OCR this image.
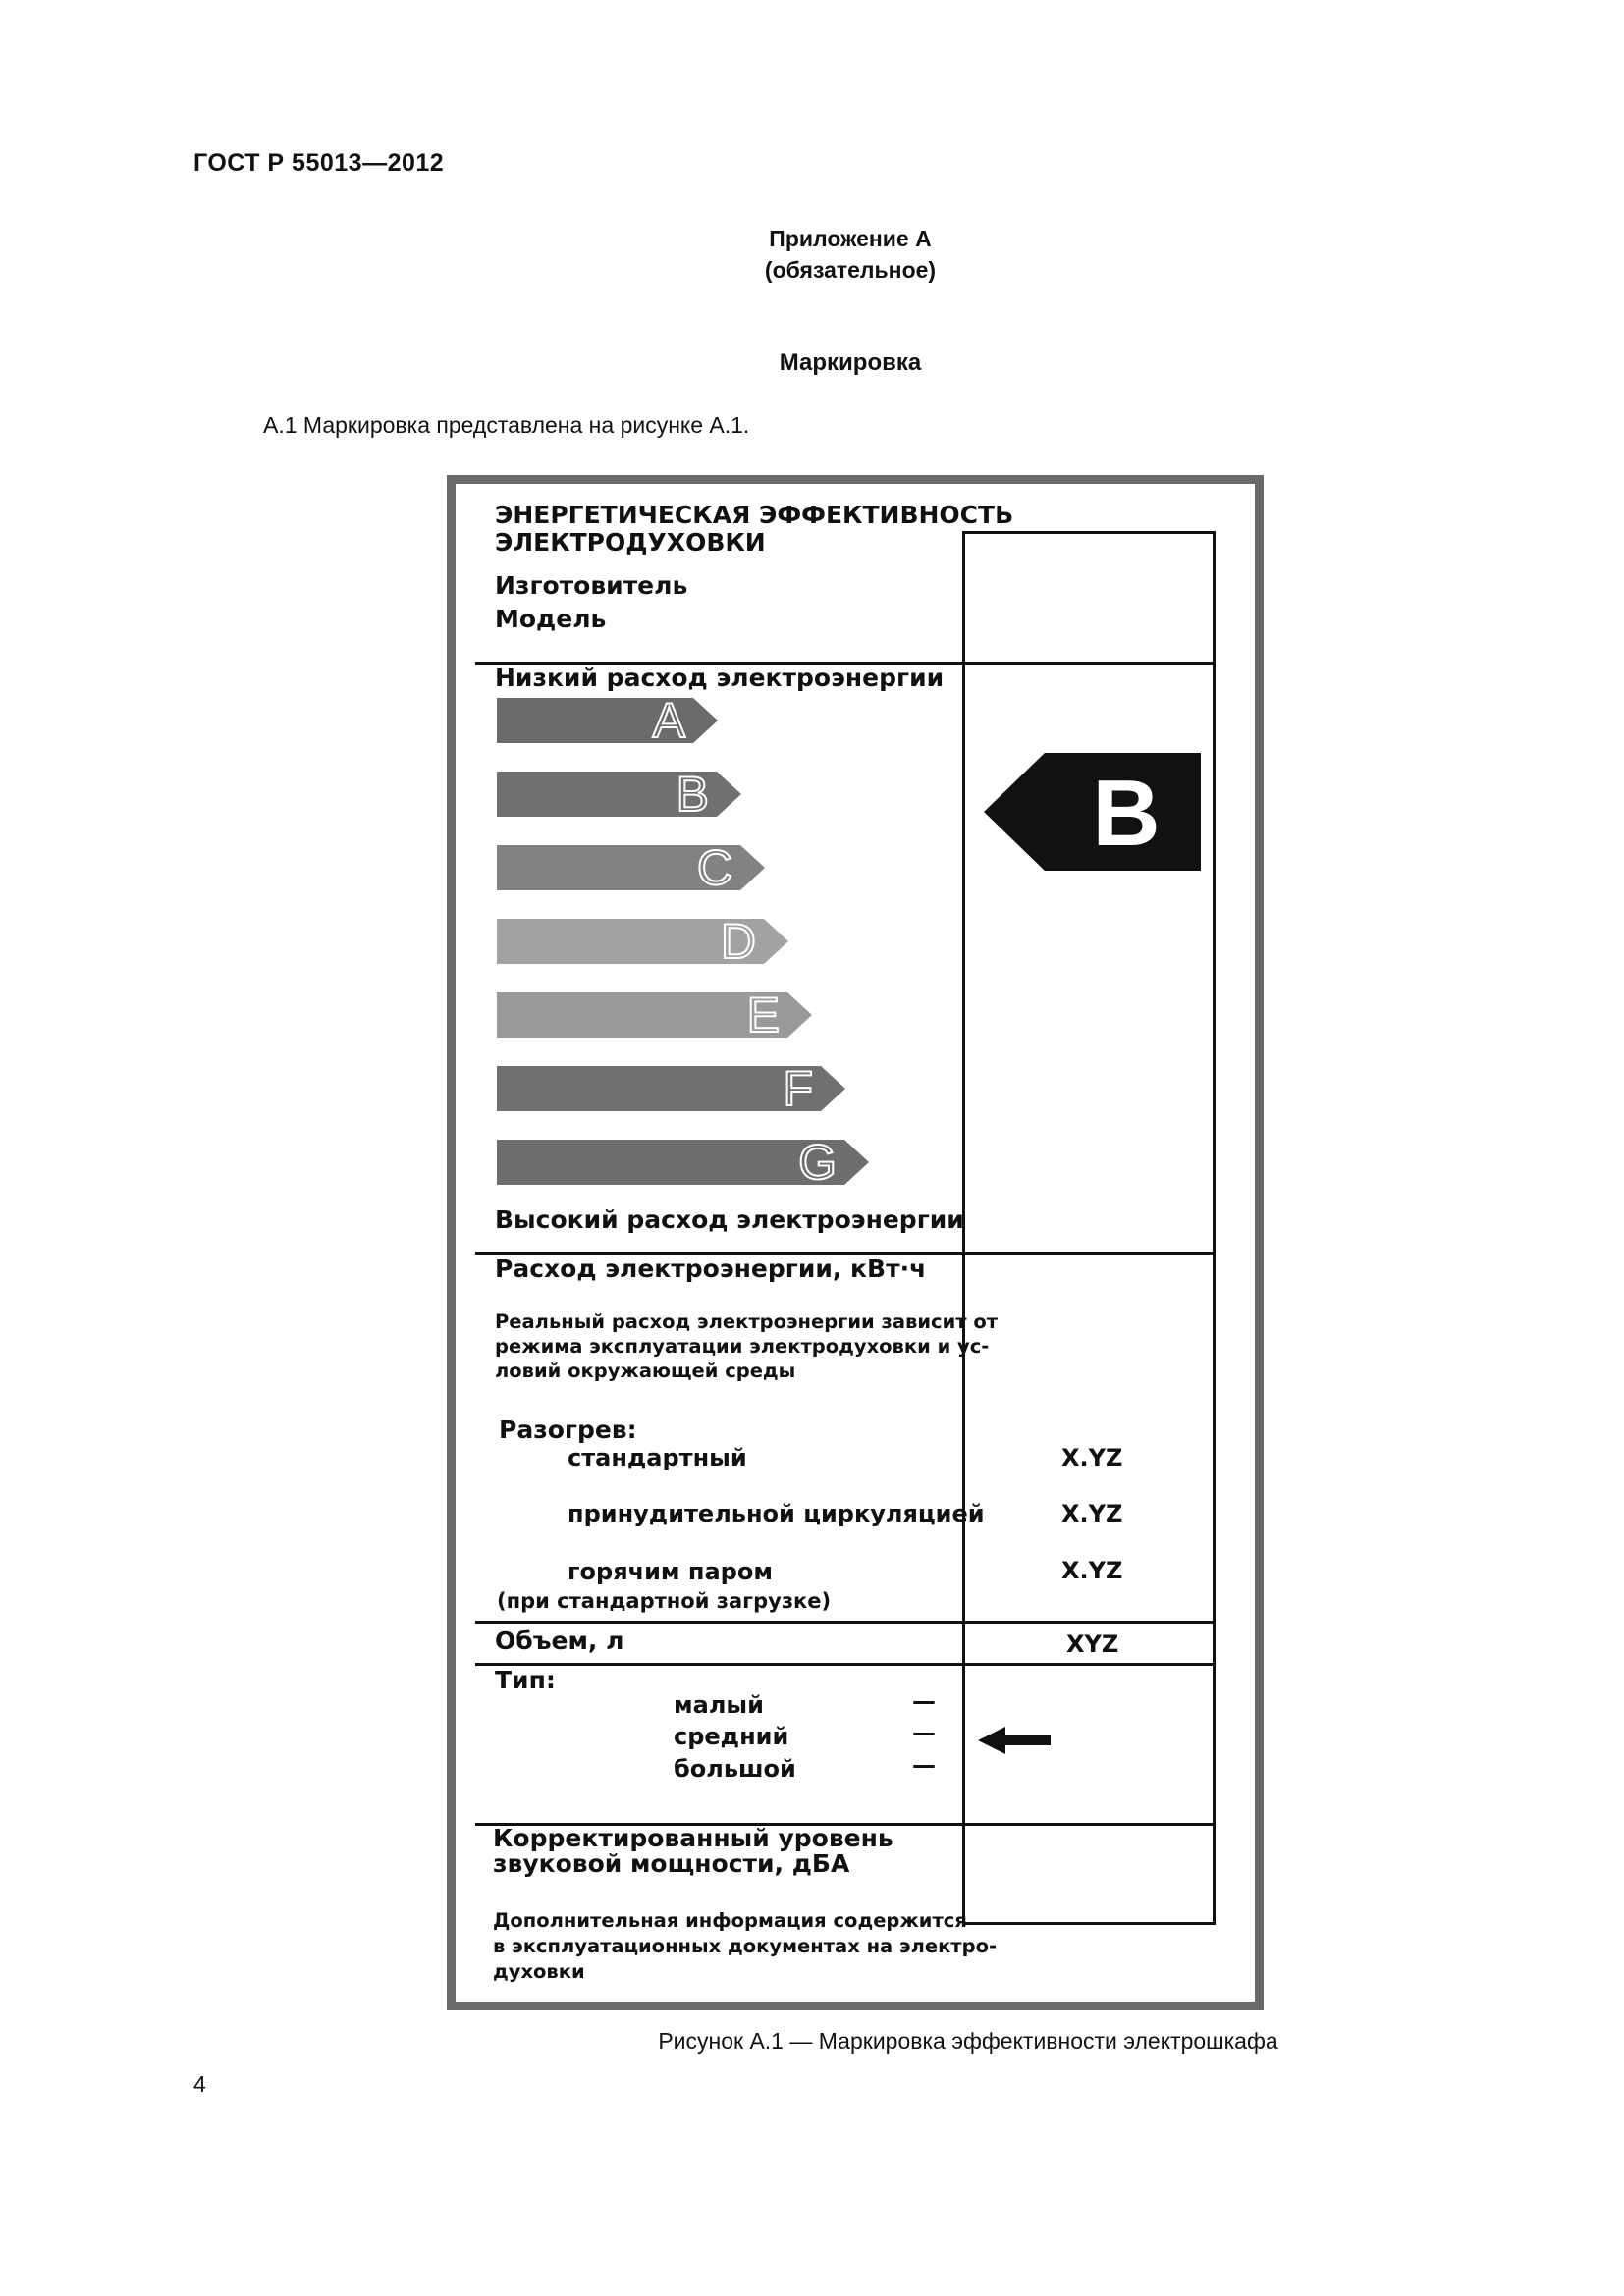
ГОСТ Р 55013—2012
Приложение А
(обязательное)
Маркировка
А.1 Маркировка представлена на рисунке А.1.
ЭНЕРГЕТИЧЕСКАЯ ЭФФЕКТИВНОСТЬ
ЭЛЕКТРОДУХОВКИ
Изготовитель
Модель
Низкий расход электроэнергии
A
B
C
D
E
F
G
B
Высокий расход электроэнергии
Расход электроэнергии, кВт·ч
Реальный расход электроэнергии зависит от
режима эксплуатации электродуховки и ус-
ловий окружающей среды
Разогрев:
стандартный	X.YZ
принудительной циркуляцией	X.YZ
горячим паром	X.YZ
(при стандартной загрузке)
Объем, л	XYZ
Тип:
малый
средний
большой
—
—
—
Корректированный уровень
звуковой мощности, дБА
Дополнительная информация содержится
в эксплуатационных документах на электро-
духовки
Рисунок А.1 — Маркировка эффективности электрошкафа
4
